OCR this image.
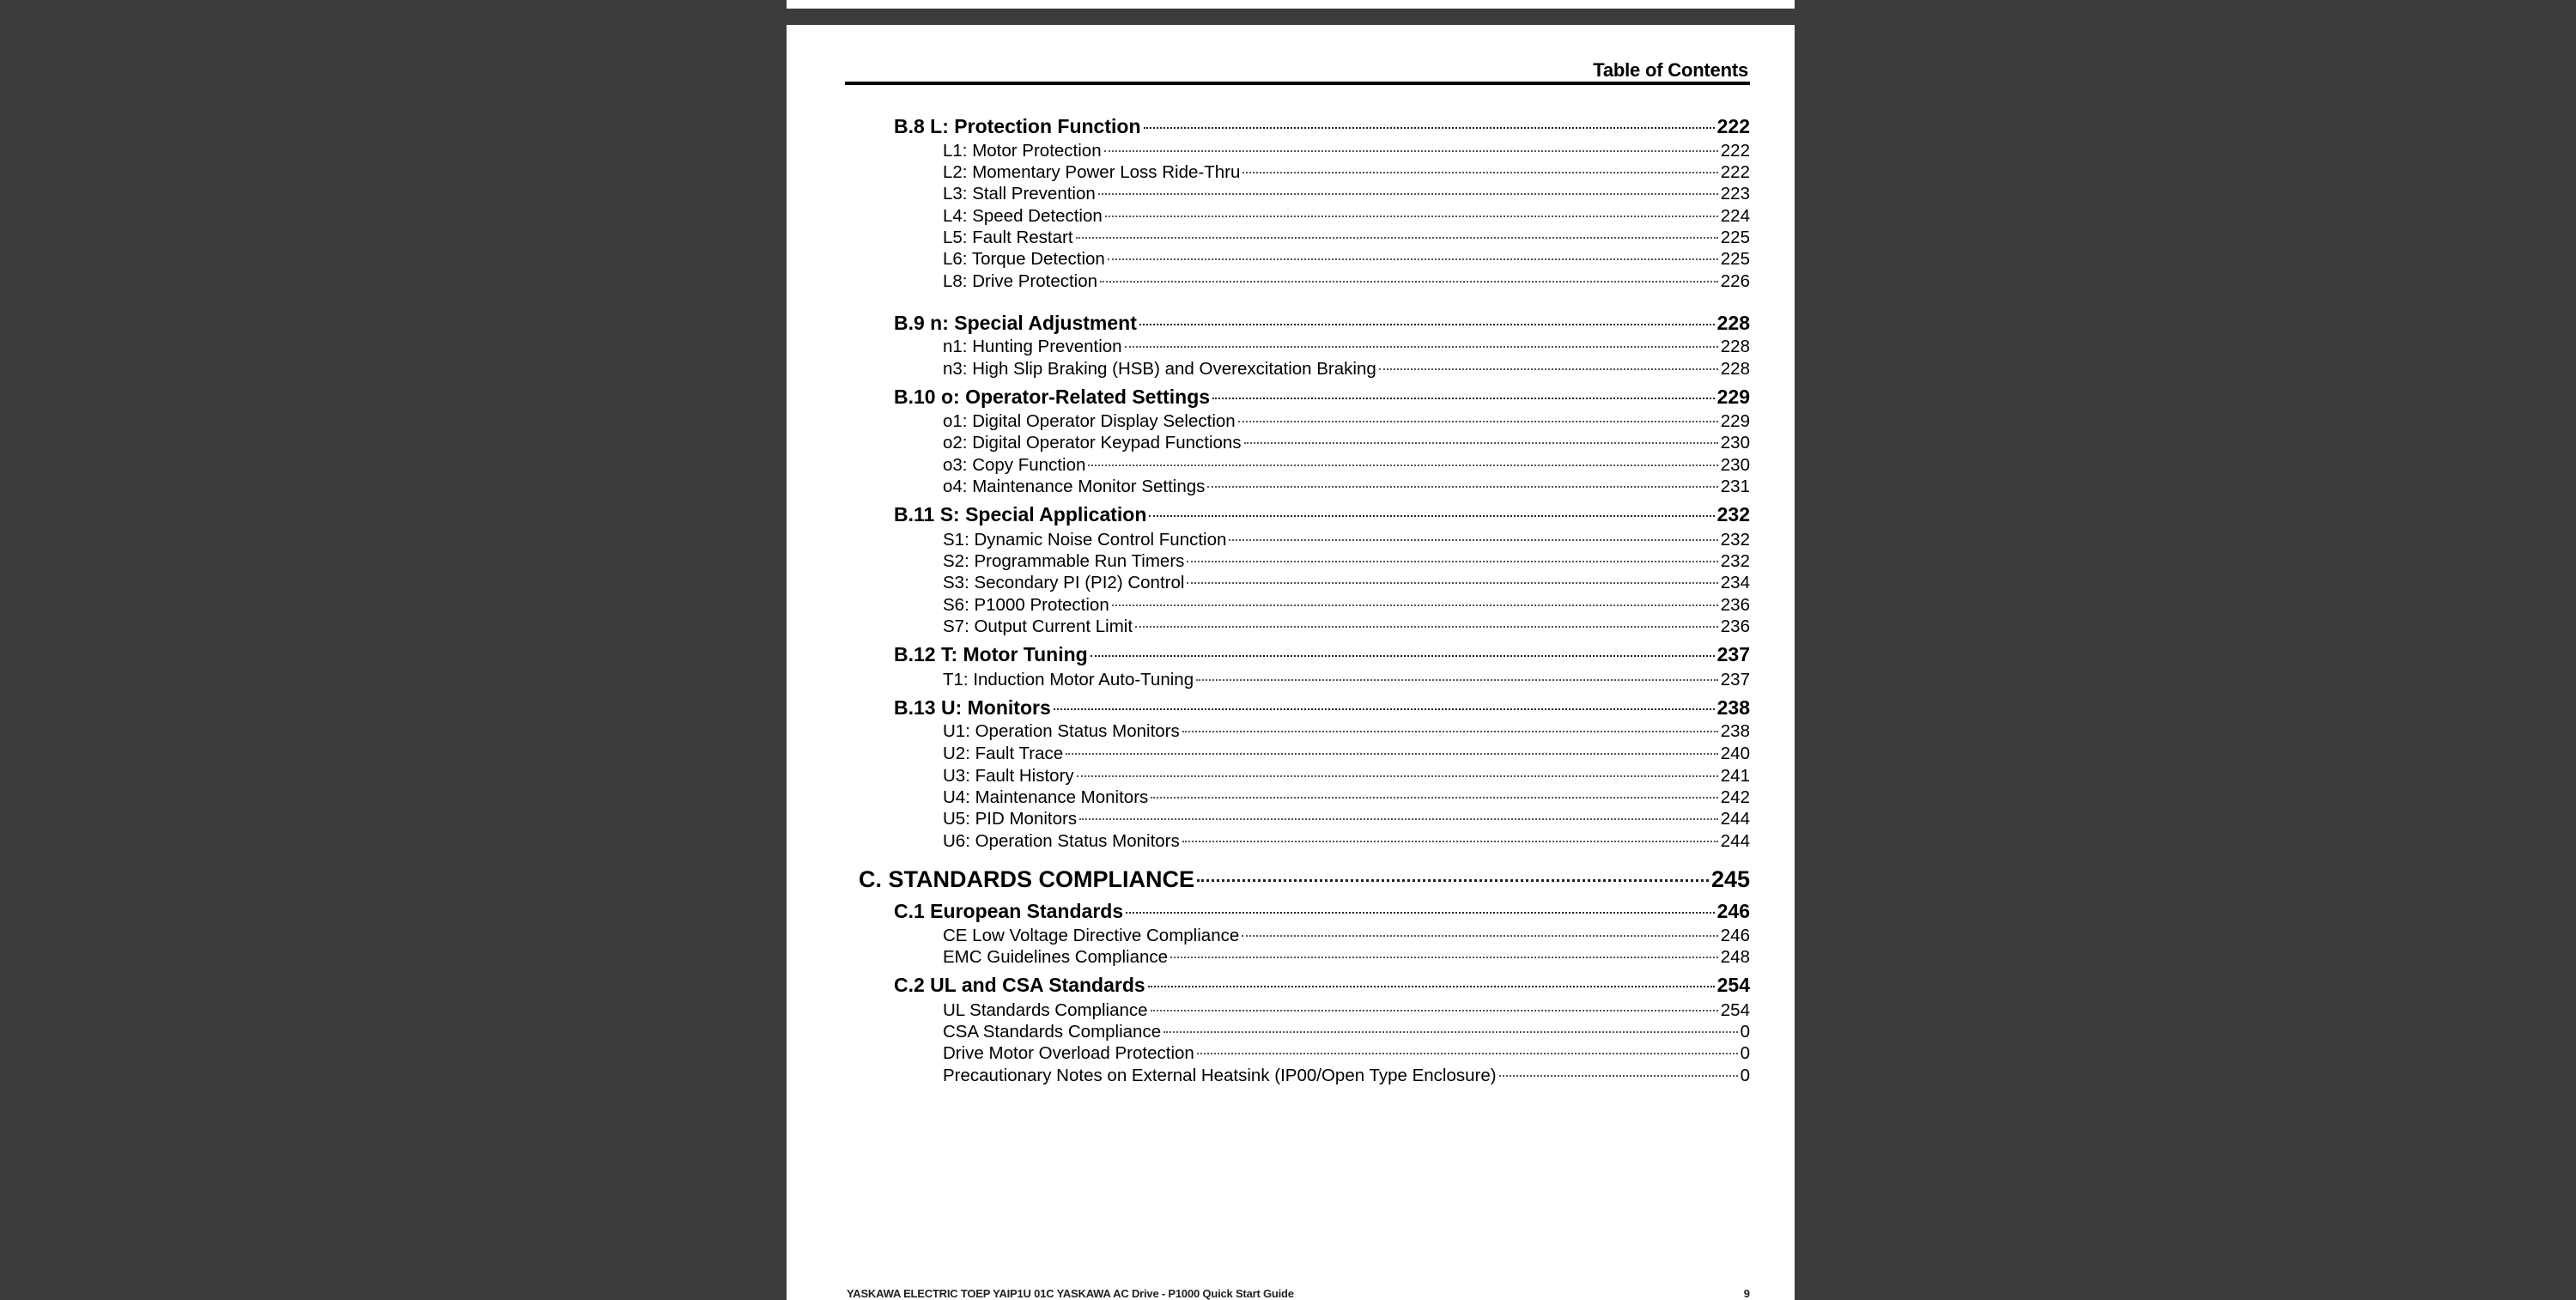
Table of Contents
B.8 L: Protection Function	222
L1: Motor Protection	222
L2: Momentary Power Loss Ride-Thru	222
L3: Stall Prevention	223
L4: Speed Detection	224
L5: Fault Restart	225
L6: Torque Detection	225
L8: Drive Protection	226
B.9 n: Special Adjustment	228
n1: Hunting Prevention	228
n3: High Slip Braking (HSB) and Overexcitation Braking	228
B.10 o: Operator-Related Settings	229
o1: Digital Operator Display Selection	229
o2: Digital Operator Keypad Functions	230
o3: Copy Function	230
o4: Maintenance Monitor Settings	231
B.11 S: Special Application	232
S1: Dynamic Noise Control Function	232
S2: Programmable Run Timers	232
S3: Secondary PI (PI2) Control	234
S6: P1000 Protection	236
S7: Output Current Limit	236
B.12 T: Motor Tuning	237
T1: Induction Motor Auto-Tuning	237
B.13 U: Monitors	238
U1: Operation Status Monitors	238
U2: Fault Trace	240
U3: Fault History	241
U4: Maintenance Monitors	242
U5: PID Monitors	244
U6: Operation Status Monitors	244
C. STANDARDS COMPLIANCE	245
C.1 European Standards	246
CE Low Voltage Directive Compliance	246
EMC Guidelines Compliance	248
C.2 UL and CSA Standards	254
UL Standards Compliance	254
CSA Standards Compliance	0
Drive Motor Overload Protection	0
Precautionary Notes on External Heatsink (IP00/Open Type Enclosure)	0
YASKAWA ELECTRIC TOEP YAIP1U 01C YASKAWA AC Drive - P1000 Quick Start Guide	9
